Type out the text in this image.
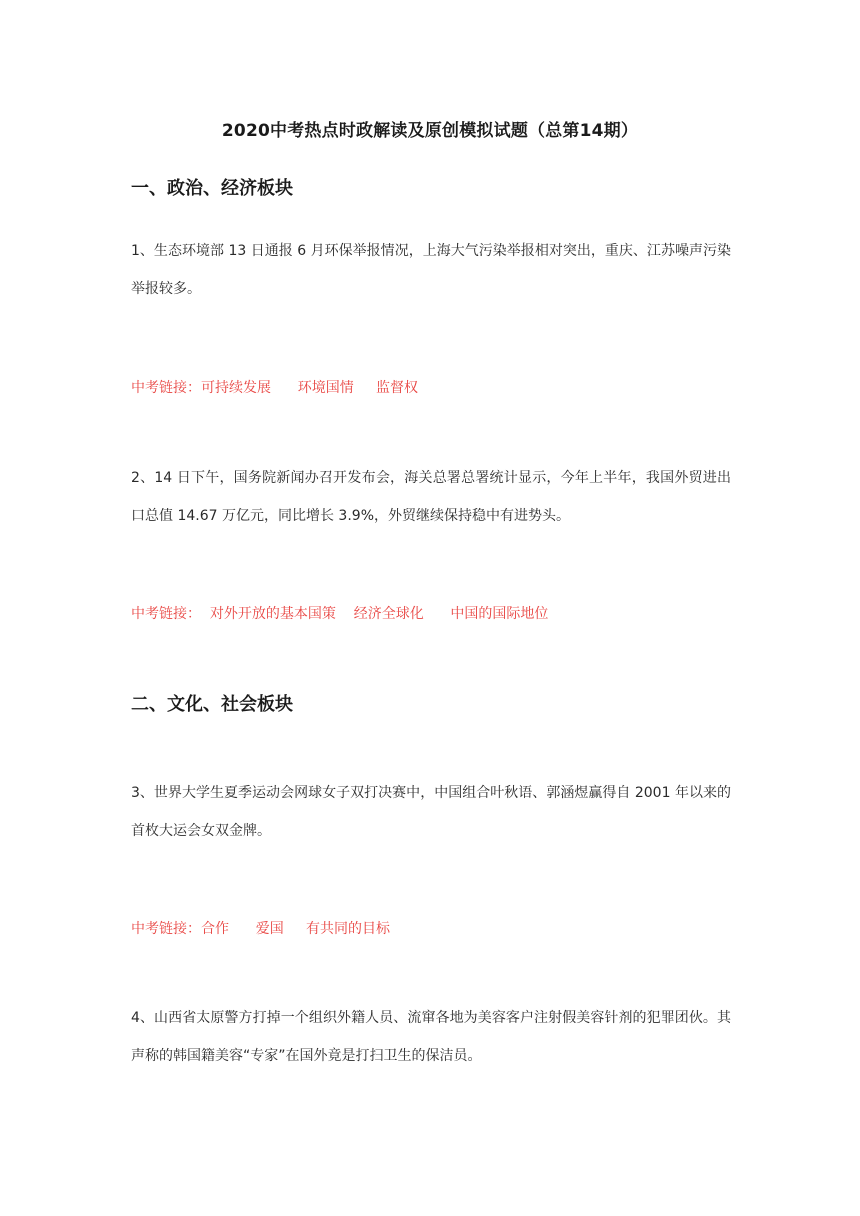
2020中考热点时政解读及原创模拟试题（总第14期）
一、政治、经济板块
1、生态环境部 13 日通报 6 月环保举报情况，上海大气污染举报相对突出，重庆、江苏噪声污染举报较多。
中考链接：可持续发展      环境国情     监督权
2、14 日下午，国务院新闻办召开发布会，海关总署总署统计显示，今年上半年，我国外贸进出口总值 14.67 万亿元，同比增长 3.9%，外贸继续保持稳中有进势头。
中考链接：  对外开放的基本国策    经济全球化      中国的国际地位
二、文化、社会板块
3、世界大学生夏季运动会网球女子双打决赛中，中国组合叶秋语、郭涵煜赢得自 2001 年以来的首枚大运会女双金牌。
中考链接：合作      爱国     有共同的目标
4、山西省太原警方打掉一个组织外籍人员、流窜各地为美容客户注射假美容针剂的犯罪团伙。其声称的韩国籍美容“专家”在国外竟是打扫卫生的保洁员。
